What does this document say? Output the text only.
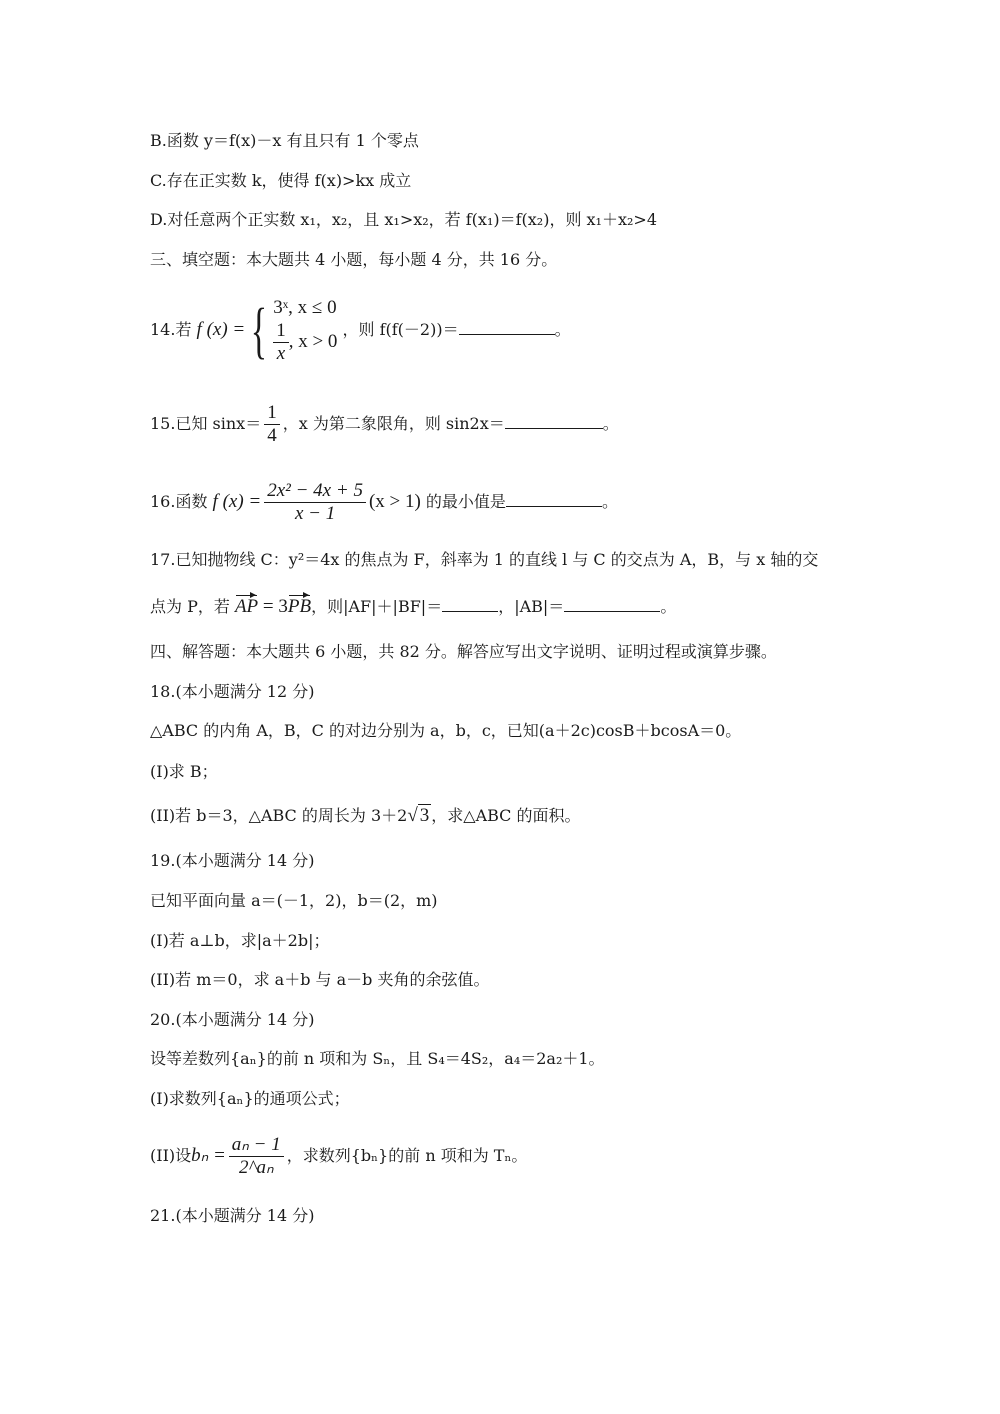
B.函数 y＝f(x)－x 有且只有 1 个零点
C.存在正实数 k，使得 f(x)>kx 成立
D.对任意两个正实数 x₁，x₂，且 x₁>x₂，若 f(x₁)＝f(x₂)，则 x₁＋x₂>4
三、填空题：本大题共 4 小题，每小题 4 分，共 16 分。
14.若 f (x) = { 3ˣ, x ≤ 0
$\frac{1}{x}$ , x > 0
，则 f(f(－2))＝	。
15.已知 $\sin x= \frac{1}{4}$ ，x 为第二象限角，则 sin2x＝	。
16.函数 f $(x) = \frac{\text{2x² − 4x + 5}}{x - 1} (x > 1)$ 的最小值是	。
17.已知抛物线 C：y²＝4x 的焦点为 F，斜率为 1 的直线 l 与 C 的交点为 A，B，与 x 轴的交
点为 P，若 AP = 3PB，则|AF|＋|BF|＝	，|AB|＝	。
四、解答题：本大题共 6 小题，共 82 分。解答应写出文字说明、证明过程或演算步骤。
18.(本小题满分 12 分)
△ABC 的内角 A，B，C 的对边分别为 a，b，c，已知(a＋2c)cosB＋bcosA＝0。
(I)求 B；
(II)若 b＝3，△ABC 的周长为 3＋2√ 3 ，求△ABC 的面积。
19.(本小题满分 14 分)
已知平面向量 a＝(－1，2)，b＝(2，m)
(I)若 a⊥b，求|a＋2b|；
(II)若 m＝0，求 a＋b 与 a－b 夹角的余弦值。
20.(本小题满分 14 分)
设等差数列{aₙ}的前 n 项和为 Sₙ，且 S₄＝4S₂，a₄＝2a₂＋1。
(I)求数列{aₙ}的通项公式；
(II)设$b_n = \frac{\text{aₙ − 1}}{\text{2\textasciicircum{}aₙ}}$ ，求数列{bₙ}的前 n 项和为 Tₙ。
21.(本小题满分 14 分)
